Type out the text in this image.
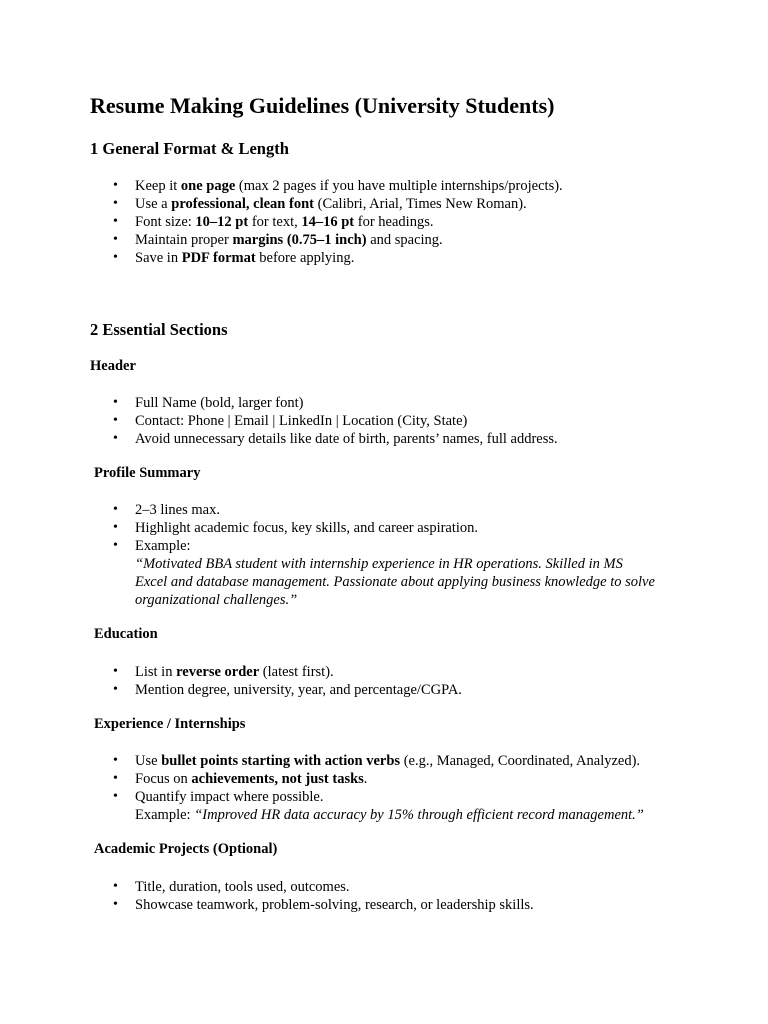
Resume Making Guidelines (University Students)
1 General Format & Length
• Keep it one page (max 2 pages if you have multiple internships/projects).
• Use a professional, clean font (Calibri, Arial, Times New Roman).
• Font size: 10–12 pt for text, 14–16 pt for headings.
• Maintain proper margins (0.75–1 inch) and spacing.
• Save in PDF format before applying.
2 Essential Sections
Header
• Full Name (bold, larger font)
• Contact: Phone | Email | LinkedIn | Location (City, State)
• Avoid unnecessary details like date of birth, parents’ names, full address.
Profile Summary
• 2–3 lines max.
• Highlight academic focus, key skills, and career aspiration.
• Example:
“Motivated BBA student with internship experience in HR operations. Skilled in MS
Excel and database management. Passionate about applying business knowledge to solve
organizational challenges.”
Education
• List in reverse order (latest first).
• Mention degree, university, year, and percentage/CGPA.
Experience / Internships
• Use bullet points starting with action verbs (e.g., Managed, Coordinated, Analyzed).
• Focus on achievements, not just tasks.
• Quantify impact where possible.
Example: “Improved HR data accuracy by 15% through efficient record management.”
Academic Projects (Optional)
• Title, duration, tools used, outcomes.
• Showcase teamwork, problem-solving, research, or leadership skills.
